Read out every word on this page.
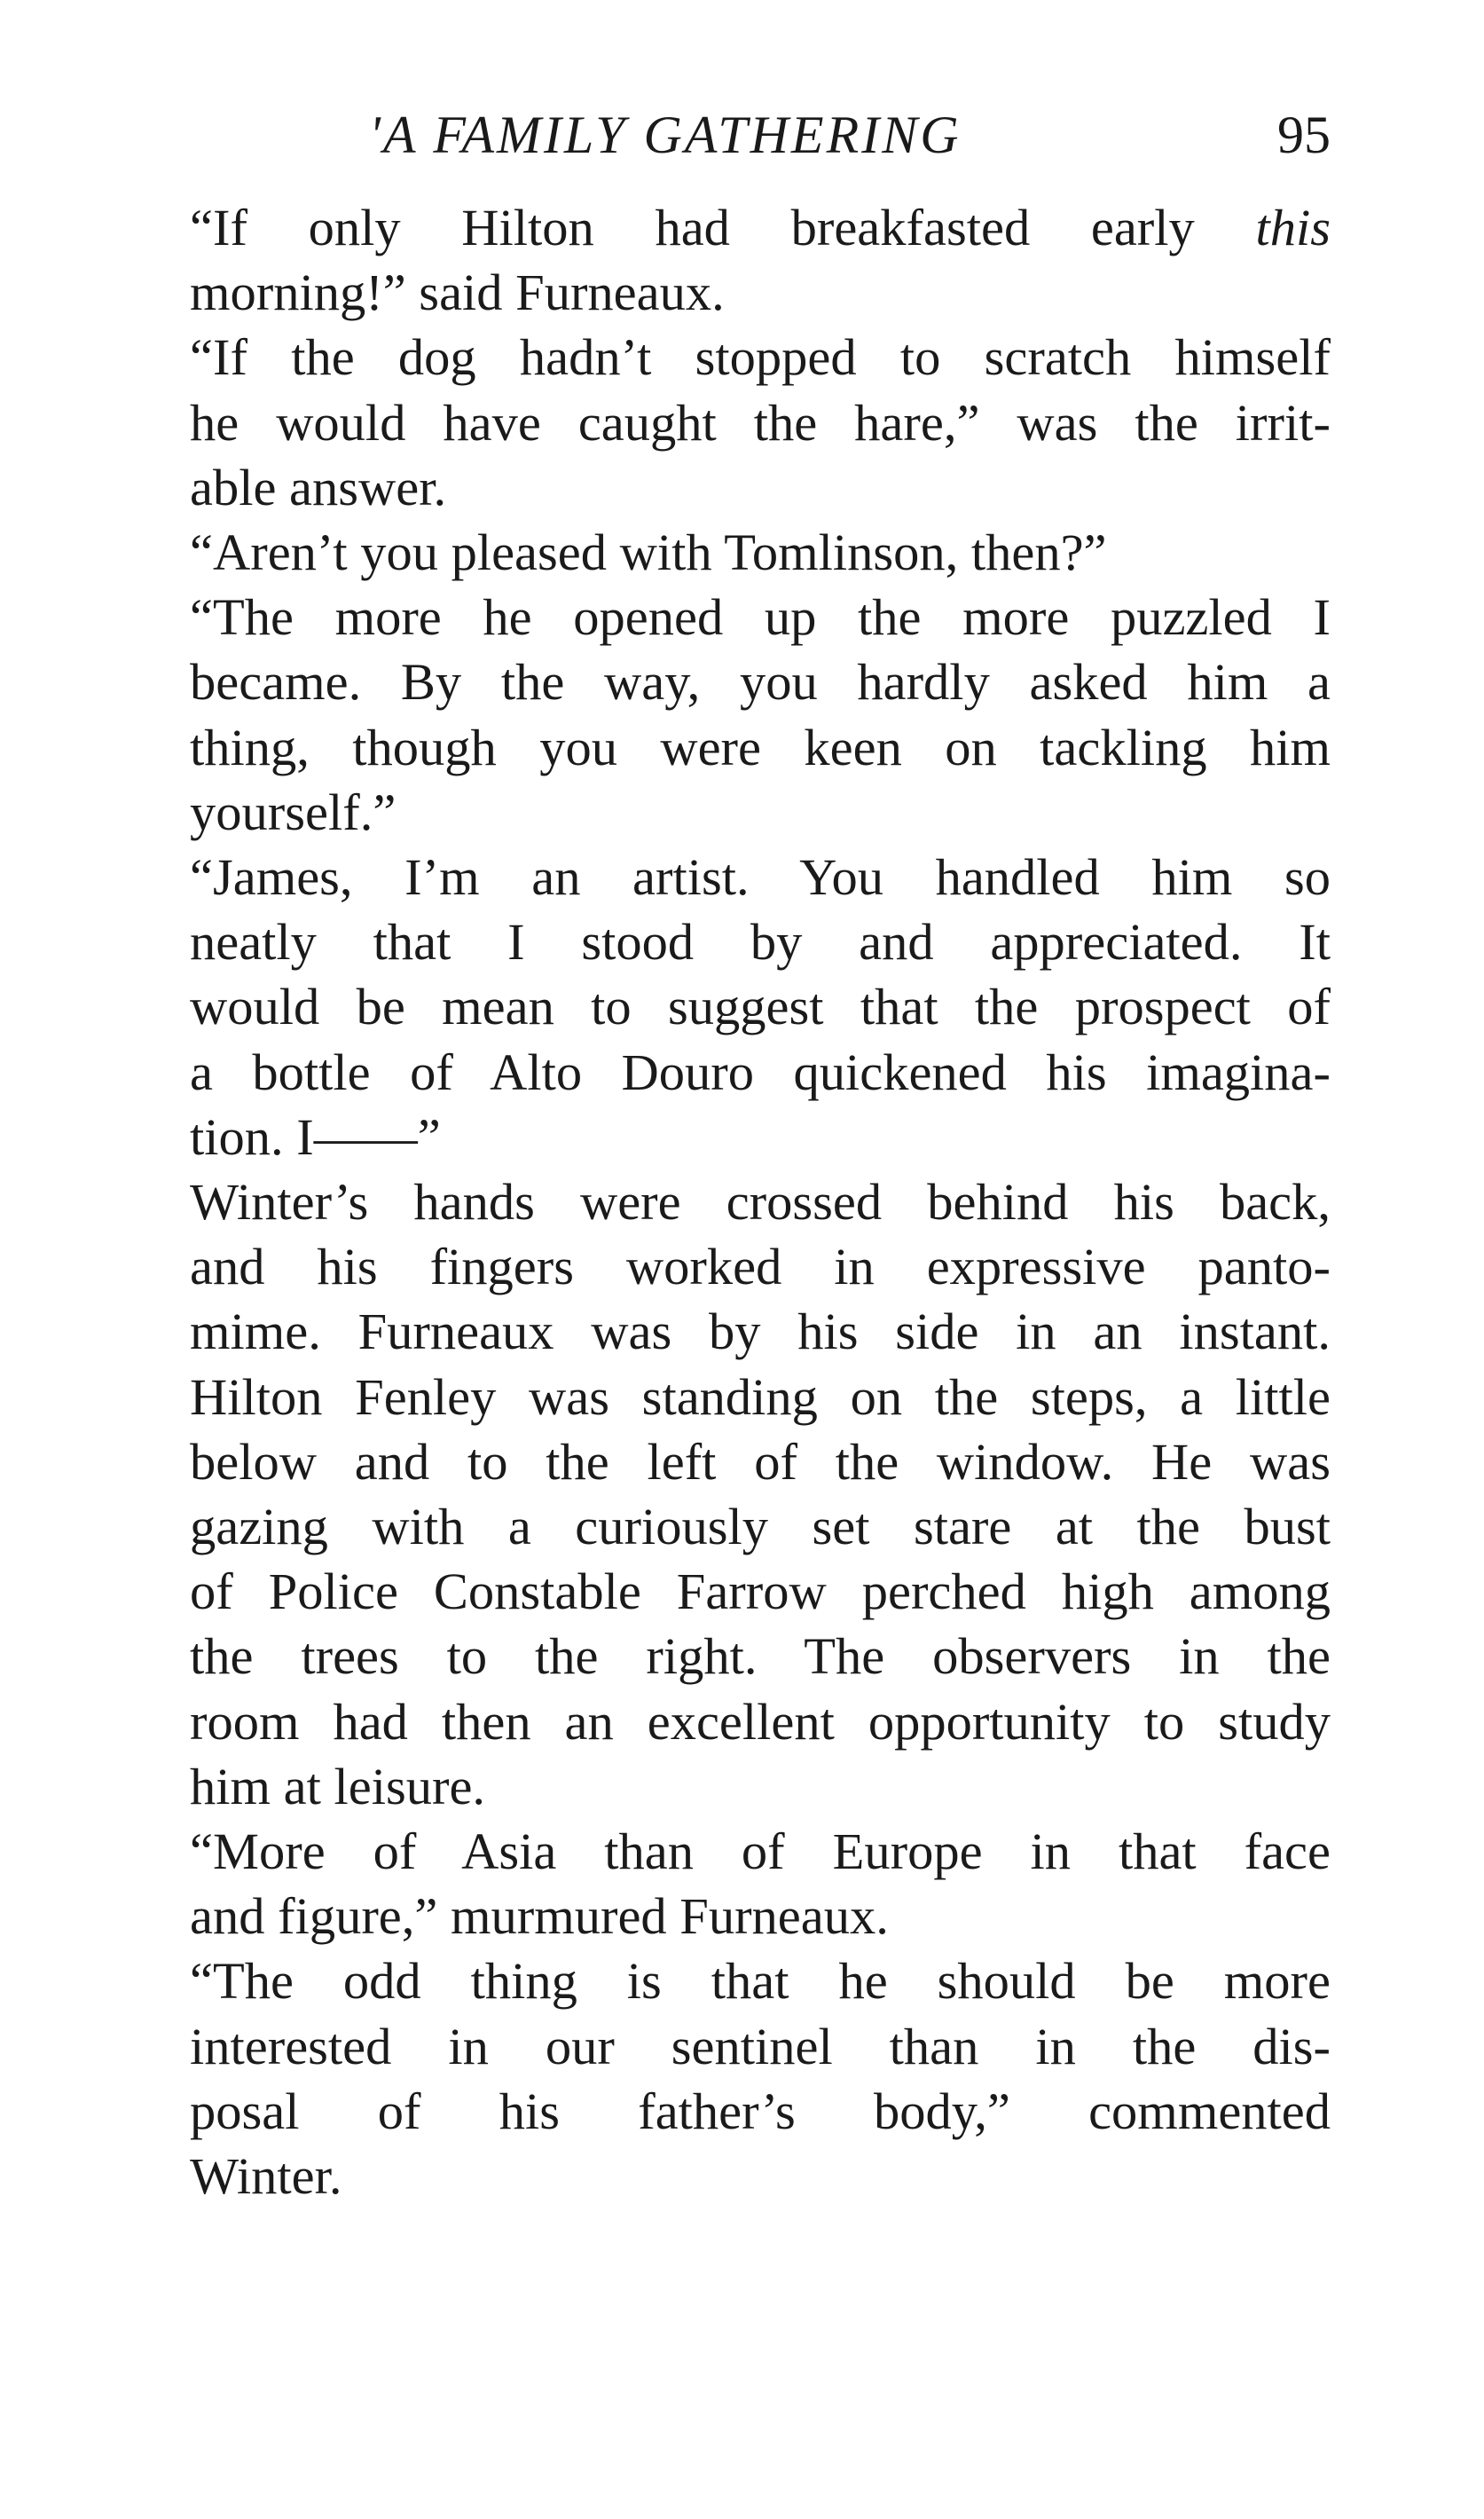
'A FAMILY GATHERING	95

“If only Hilton had breakfasted early this
morning!” said Furneaux.

“If the dog hadn’t stopped to scratch himself
he would have caught the hare,” was the irrit-
able answer.

“Aren’t you pleased with Tomlinson, then?”

“The more he opened up the more puzzled I
became. By the way, you hardly asked him a
thing, though you were keen on tackling him
yourself.”

“James, I’m an artist. You handled him so
neatly that I stood by and appreciated. It
would be mean to suggest that the prospect of
a bottle of Alto Douro quickened his imagina-
tion. I——”

Winter’s hands were crossed behind his back,
and his fingers worked in expressive panto-
mime. Furneaux was by his side in an instant.
Hilton Fenley was standing on the steps, a little
below and to the left of the window. He was
gazing with a curiously set stare at the bust
of Police Constable Farrow perched high among
the trees to the right. The observers in the
room had then an excellent opportunity to study
him at leisure.

“More of Asia than of Europe in that face
and figure,” murmured Furneaux.

“The odd thing is that he should be more
interested in our sentinel than in the dis-
posal of his father’s body,” commented
Winter.
